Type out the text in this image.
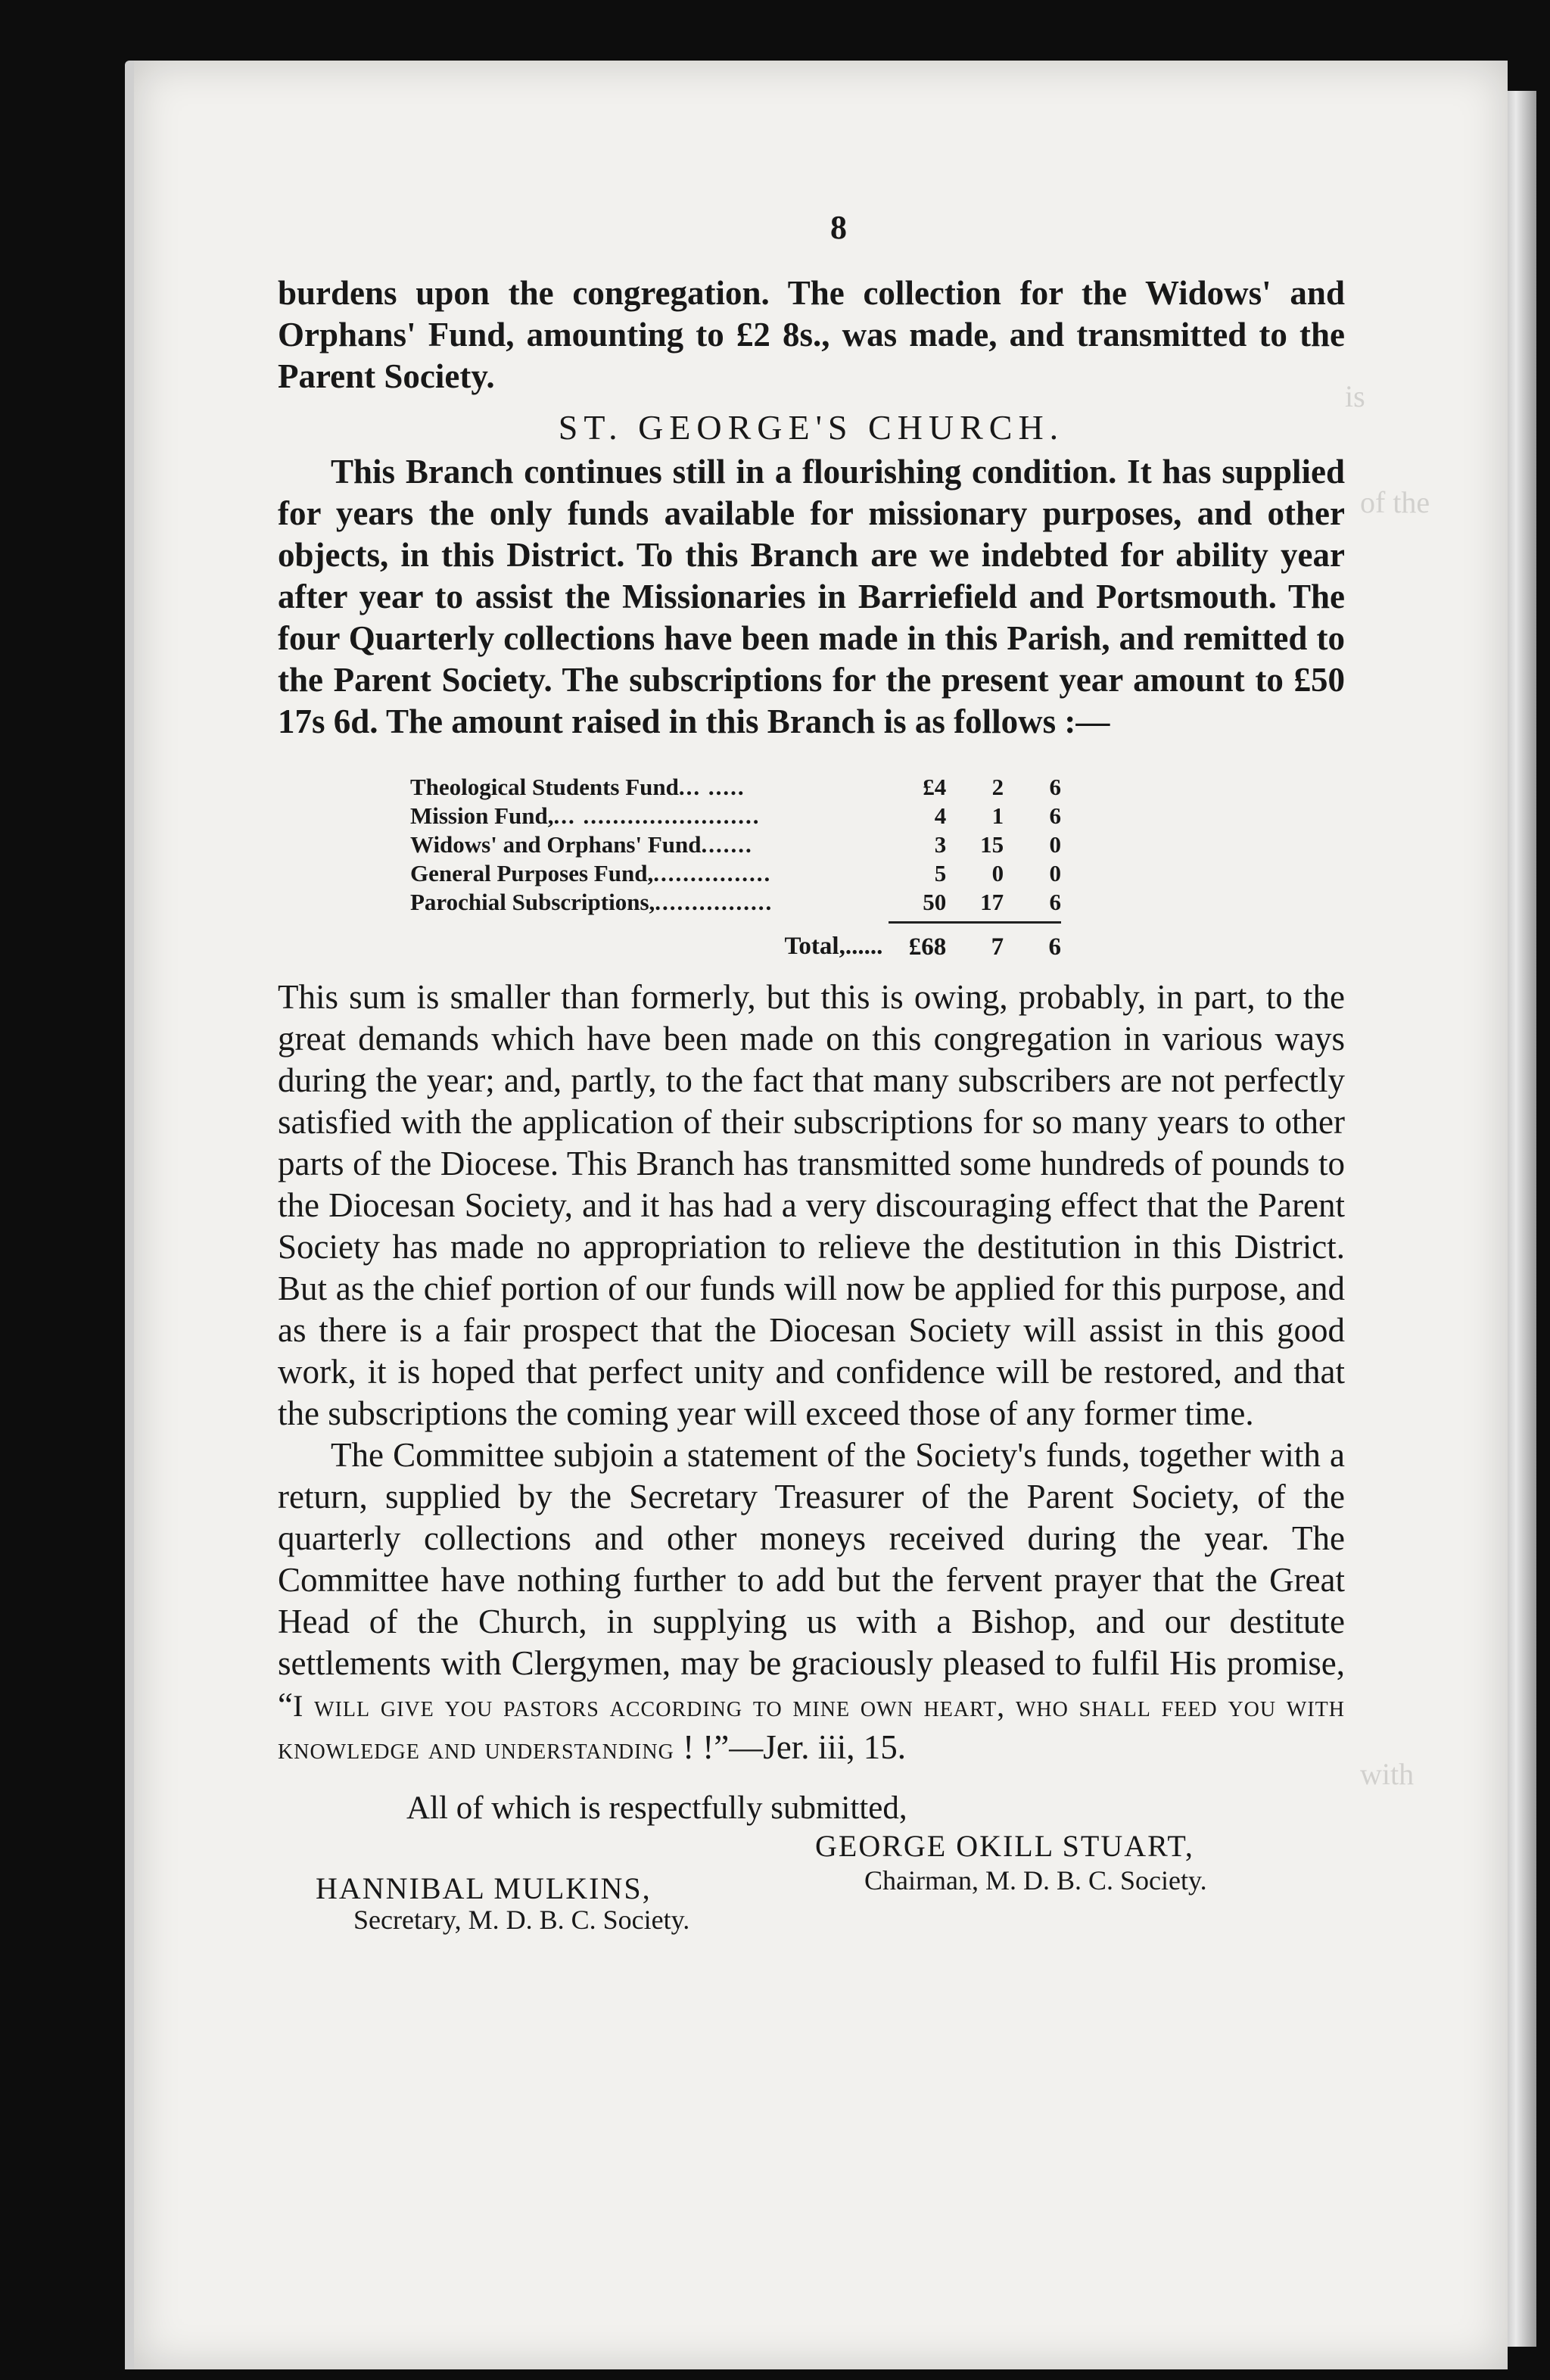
is
of the
with
8

burdens upon the congregation. The collection for the Widows' and Orphans' Fund, amounting to £2 8s., was made, and transmitted to the Parent Society.

ST. GEORGE'S CHURCH.

This Branch continues still in a flourishing condition. It has supplied for years the only funds available for missionary purposes, and other objects, in this District. To this Branch are we indebted for ability year after year to assist the Missionaries in Barriefield and Portsmouth. The four Quarterly collections have been made in this Parish, and remitted to the Parent Society. The subscriptions for the present year amount to £50 17s 6d. The amount raised in this Branch is as follows :—

Theological Students Fund... .....	£4	2	6
Mission Fund,... ........................	4	1	6
Widows' and Orphans' Fund.......	3	15	0
General Purposes Fund,................	5	0	0
Parochial Subscriptions,................	50	17	6

Total,......	£68	7	6

This sum is smaller than formerly, but this is owing, probably, in part, to the great demands which have been made on this congregation in various ways during the year; and, partly, to the fact that many subscribers are not perfectly satisfied with the application of their subscriptions for so many years to other parts of the Diocese. This Branch has transmitted some hundreds of pounds to the Diocesan Society, and it has had a very discouraging effect that the Parent Society has made no appropriation to relieve the destitution in this District. But as the chief portion of our funds will now be applied for this purpose, and as there is a fair prospect that the Diocesan Society will assist in this good work, it is hoped that perfect unity and confidence will be restored, and that the subscriptions the coming year will exceed those of any former time.

The Committee subjoin a statement of the Society's funds, together with a return, supplied by the Secretary Treasurer of the Parent Society, of the quarterly collections and other moneys received during the year. The Committee have nothing further to add but the fervent prayer that the Great Head of the Church, in supplying us with a Bishop, and our destitute settlements with Clergymen, may be graciously pleased to fulfil His promise, “I will give you pastors according to mine own heart, who shall feed you with knowledge and understanding ! !”—Jer. iii, 15.

All of which is respectfully submitted,
GEORGE OKILL STUART,
HANNIBAL MULKINS,	Chairman, M. D. B. C. Society.
Secretary, M. D. B. C. Society.
